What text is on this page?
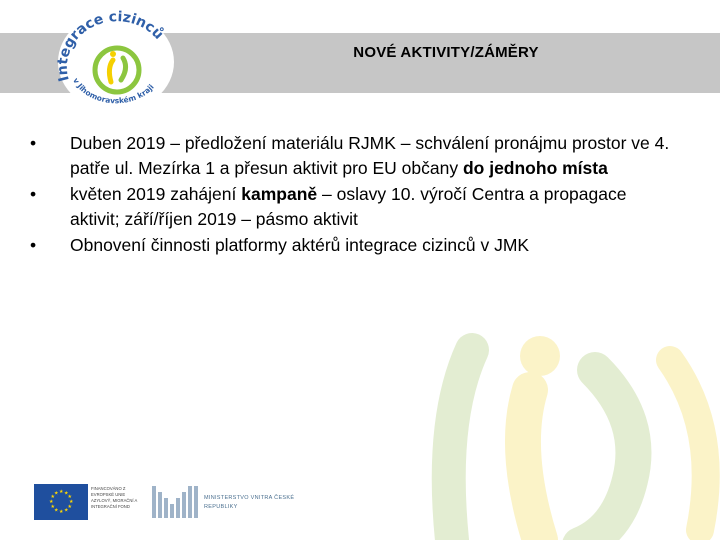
Integrace cizinců
v Jihomoravském kraji
NOVÉ AKTIVITY/ZÁMĚRY
•	Duben 2019 – předložení materiálu RJMK – schválení pronájmu prostor ve 4. patře ul. Mezírka 1 a přesun aktivit pro EU občany do jednoho místa
•	květen 2019 zahájení kampaně – oslavy 10. výročí Centra a propagace aktivit; září/říjen 2019 – pásmo aktivit
•	Obnovení činnosti platformy aktérů integrace cizinců v JMK
★ ★
★
★
★
★
★
★
★
★
★
★
FINANCOVÁNO Z EVROPSKÉ UNIE AZYLOVÝ, MIGRAČNÍ A INTEGRAČNÍ FOND
MINISTERSTVO VNITRA ČESKÉ REPUBLIKY
